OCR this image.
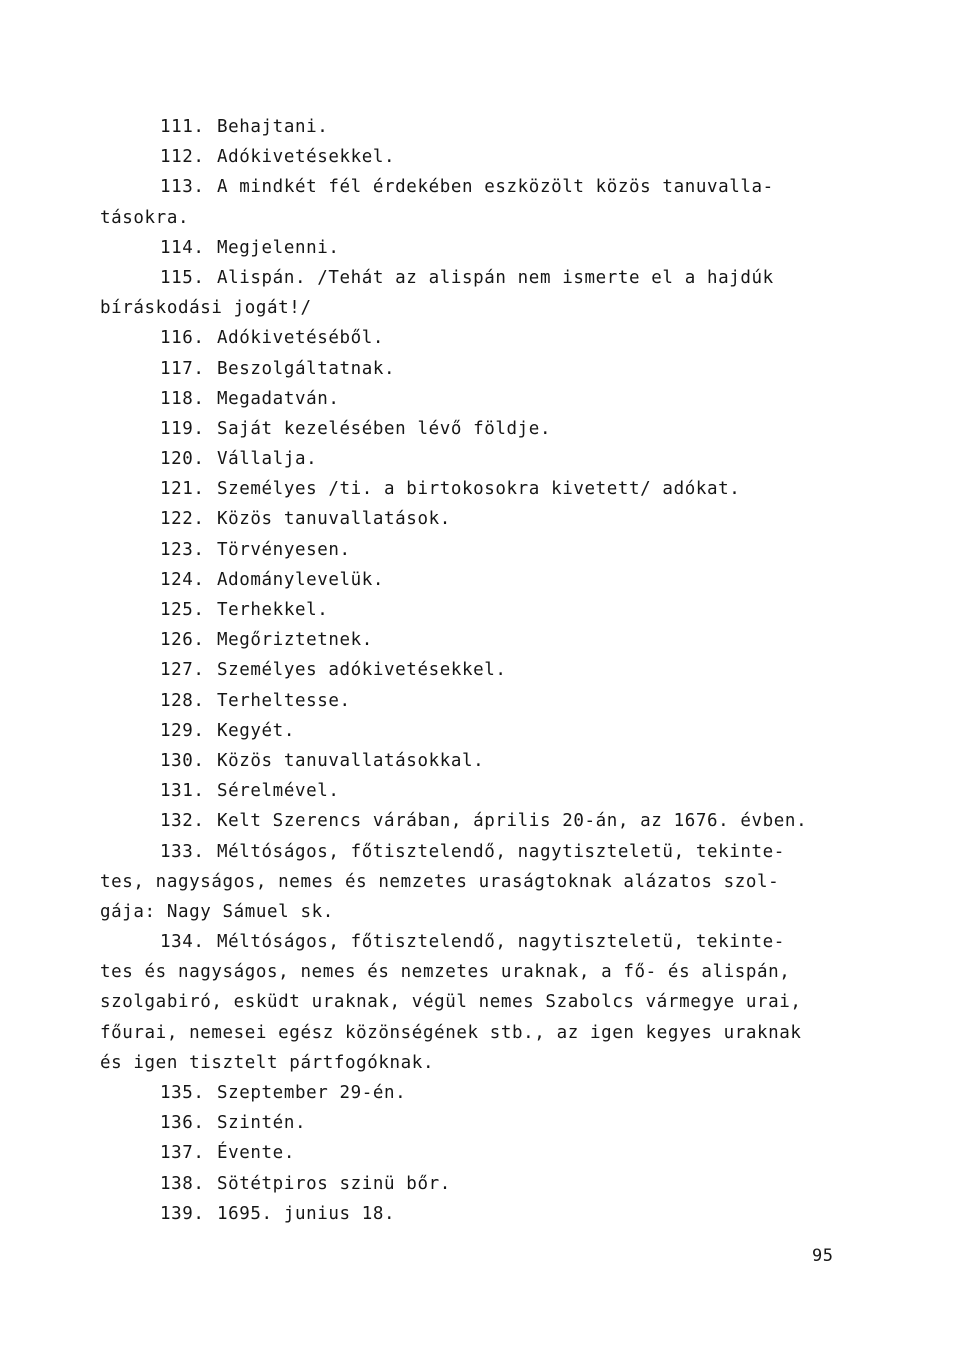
111. Behajtani.
112. Adókivetésekkel.
113. A mindkét fél érdekében eszközölt közös tanuvalla-
tásokra.
114. Megjelenni.
115. Alispán. /Tehát az alispán nem ismerte el a hajdúk
bíráskodási jogát!/
116. Adókivetéséből.
117. Beszolgáltatnak.
118. Megadatván.
119. Saját kezelésében lévő földje.
120. Vállalja.
121. Személyes /ti. a birtokosokra kivetett/ adókat.
122. Közös tanuvallatások.
123. Törvényesen.
124. Adománylevelük.
125. Terhekkel.
126. Megőriztetnek.
127. Személyes adókivetésekkel.
128. Terheltesse.
129. Kegyét.
130. Közös tanuvallatásokkal.
131. Sérelmével.
132. Kelt Szerencs várában, április 20-án, az 1676. évben.
133. Méltóságos, főtisztelendő, nagytiszteletü, tekinte-
tes, nagyságos, nemes és nemzetes uraságtoknak alázatos szol-
gája: Nagy Sámuel sk.
134. Méltóságos, főtisztelendő, nagytiszteletü, tekinte-
tes és nagyságos, nemes és nemzetes uraknak, a fő- és alispán,
szolgabiró, esküdt uraknak, végül nemes Szabolcs vármegye urai,
főurai, nemesei egész közönségének stb., az igen kegyes uraknak
és igen tisztelt pártfogóknak.
135. Szeptember 29-én.
136. Szintén.
137. Évente.
138. Sötétpiros szinü bőr.
139. 1695. junius 18.
95
